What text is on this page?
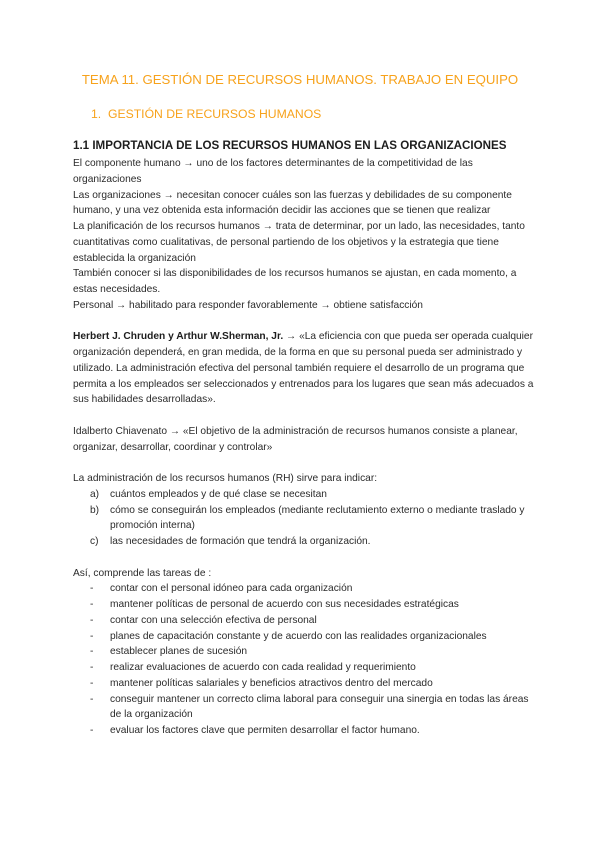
TEMA 11. GESTIÓN DE RECURSOS HUMANOS. TRABAJO EN EQUIPO
1. GESTIÓN DE RECURSOS HUMANOS
1.1 IMPORTANCIA DE LOS RECURSOS HUMANOS EN LAS ORGANIZACIONES
El componente humano → uno de los factores determinantes de la competitividad de las
organizaciones
Las organizaciones → necesitan conocer cuáles son las fuerzas y debilidades de su componente
humano, y una vez obtenida esta información decidir las acciones que se tienen que realizar
La planificación de los recursos humanos → trata de determinar, por un lado, las necesidades, tanto
cuantitativas como cualitativas, de personal partiendo de los objetivos y la estrategia que tiene
establecida la organización
También conocer si las disponibilidades de los recursos humanos se ajustan, en cada momento, a
estas necesidades.
Personal → habilitado para responder favorablemente → obtiene satisfacción
Herbert J. Chruden y Arthur W.Sherman, Jr. → «La eficiencia con que pueda ser operada cualquier
organización dependerá, en gran medida, de la forma en que su personal pueda ser administrado y
utilizado. La administración efectiva del personal también requiere el desarrollo de un programa que
permita a los empleados ser seleccionados y entrenados para los lugares que sean más adecuados a
sus habilidades desarrolladas».
Idalberto Chiavenato → «El objetivo de la administración de recursos humanos consiste a planear,
organizar, desarrollar, coordinar y controlar»
La administración de los recursos humanos (RH) sirve para indicar:
a) cuántos empleados y de qué clase se necesitan
b) cómo se conseguirán los empleados (mediante reclutamiento externo o mediante traslado y
promoción interna)
c) las necesidades de formación que tendrá la organización.
Así, comprende las tareas de :
- contar con el personal idóneo para cada organización
- mantener políticas de personal de acuerdo con sus necesidades estratégicas
- contar con una selección efectiva de personal
- planes de capacitación constante y de acuerdo con las realidades organizacionales
- establecer planes de sucesión
- realizar evaluaciones de acuerdo con cada realidad y requerimiento
- mantener políticas salariales y beneficios atractivos dentro del mercado
- conseguir mantener un correcto clima laboral para conseguir una sinergia en todas las áreas
de la organización
- evaluar los factores clave que permiten desarrollar el factor humano.
